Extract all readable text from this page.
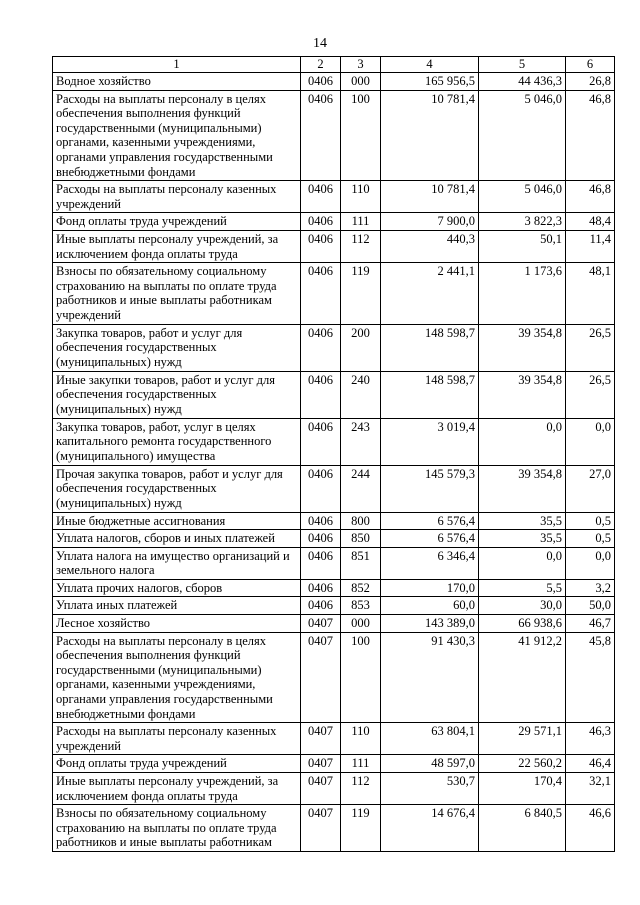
14
1	2	3	4	5	6
Водное хозяйство	0406	000	165 956,5	44 436,3	26,8
Расходы на выплаты персоналу в целях обеспечения выполнения функций государственными (муниципальными) органами, казенными учреждениями, органами управления государственными внебюджетными фондами	0406	100	10 781,4	5 046,0	46,8
Расходы на выплаты персоналу казенных учреждений	0406	110	10 781,4	5 046,0	46,8
Фонд оплаты труда учреждений	0406	111	7 900,0	3 822,3	48,4
Иные выплаты персоналу учреждений, за исключением фонда оплаты труда	0406	112	440,3	50,1	11,4
Взносы по обязательному социальному страхованию на выплаты по оплате труда работников и иные выплаты работникам учреждений	0406	119	2 441,1	1 173,6	48,1
Закупка товаров, работ и услуг для обеспечения государственных (муниципальных) нужд	0406	200	148 598,7	39 354,8	26,5
Иные закупки товаров, работ и услуг для обеспечения государственных (муниципальных) нужд	0406	240	148 598,7	39 354,8	26,5
Закупка товаров, работ, услуг в целях капитального ремонта государственного (муниципального) имущества	0406	243	3 019,4	0,0	0,0
Прочая закупка товаров, работ и услуг для обеспечения государственных (муниципальных) нужд	0406	244	145 579,3	39 354,8	27,0
Иные бюджетные ассигнования	0406	800	6 576,4	35,5	0,5
Уплата налогов, сборов и иных платежей	0406	850	6 576,4	35,5	0,5
Уплата налога на имущество организаций и земельного налога	0406	851	6 346,4	0,0	0,0
Уплата прочих налогов, сборов	0406	852	170,0	5,5	3,2
Уплата иных платежей	0406	853	60,0	30,0	50,0
Лесное хозяйство	0407	000	143 389,0	66 938,6	46,7
Расходы на выплаты персоналу в целях обеспечения выполнения функций государственными (муниципальными) органами, казенными учреждениями, органами управления государственными внебюджетными фондами	0407	100	91 430,3	41 912,2	45,8
Расходы на выплаты персоналу казенных учреждений	0407	110	63 804,1	29 571,1	46,3
Фонд оплаты труда учреждений	0407	111	48 597,0	22 560,2	46,4
Иные выплаты персоналу учреждений, за исключением фонда оплаты труда	0407	112	530,7	170,4	32,1
Взносы по обязательному социальному страхованию на выплаты по оплате труда работников и иные выплаты работникам	0407	119	14 676,4	6 840,5	46,6
